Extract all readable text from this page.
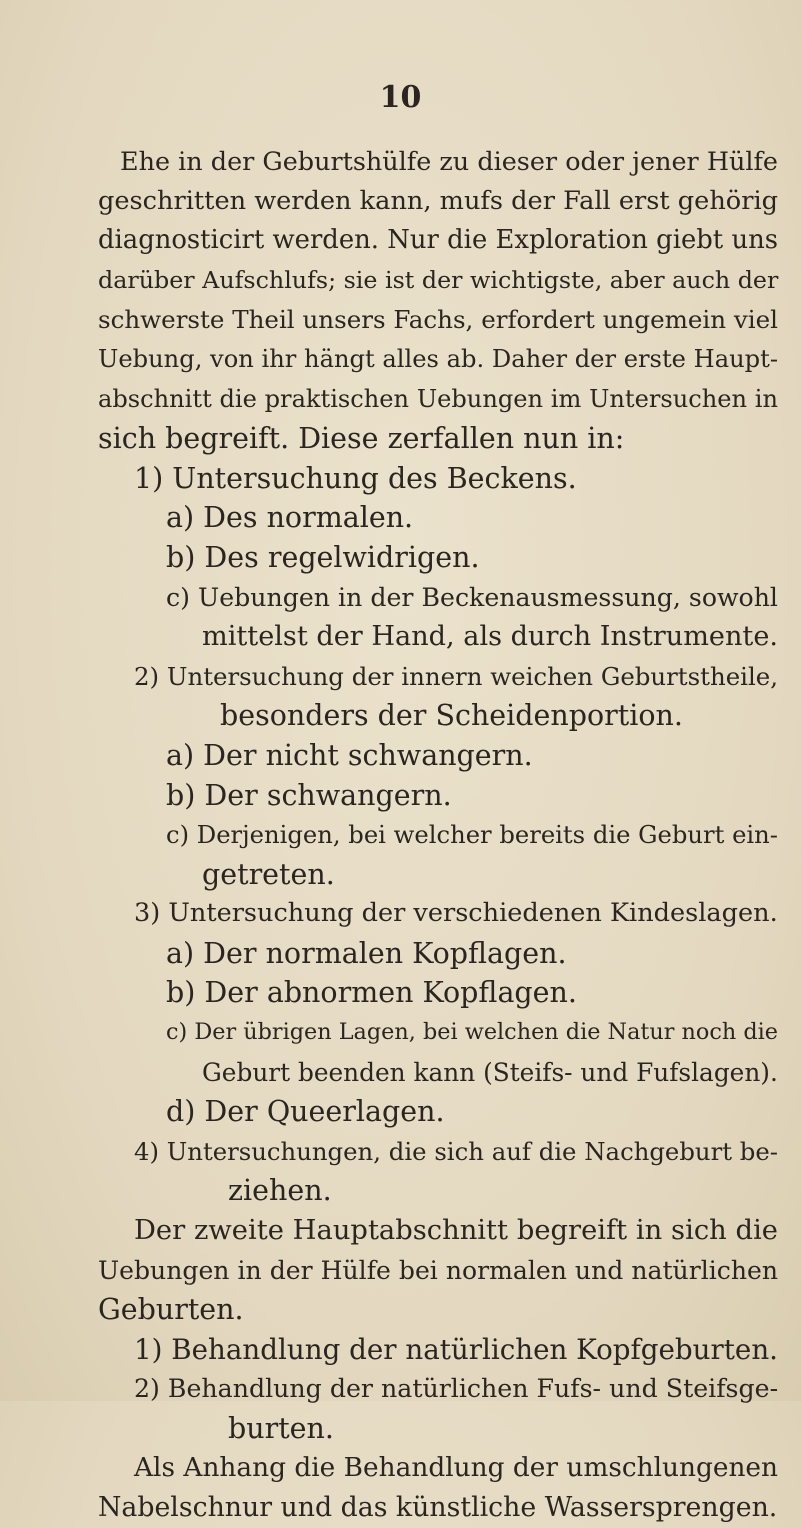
10
Ehe in der Geburtshülfe zu dieser oder jener Hülfe
geschritten werden kann, mufs der Fall erst gehörig
diagnosticirt werden. Nur die Exploration giebt uns
darüber Aufschlufs; sie ist der wichtigste, aber auch der
schwerste Theil unsers Fachs, erfordert ungemein viel
Uebung, von ihr hängt alles ab. Daher der erste Haupt-
abschnitt die praktischen Uebungen im Untersuchen in
sich begreift. Diese zerfallen nun in:
1) Untersuchung des Beckens.
a) Des normalen.
b) Des regelwidrigen.
c) Uebungen in der Beckenausmessung, sowohl
mittelst der Hand, als durch Instrumente.
2) Untersuchung der innern weichen Geburtstheile,
besonders der Scheidenportion.
a) Der nicht schwangern.
b) Der schwangern.
c) Derjenigen, bei welcher bereits die Geburt ein-
getreten.
3) Untersuchung der verschiedenen Kindeslagen.
a) Der normalen Kopflagen.
b) Der abnormen Kopflagen.
c) Der übrigen Lagen, bei welchen die Natur noch die
Geburt beenden kann (Steifs- und Fufslagen).
d) Der Queerlagen.
4) Untersuchungen, die sich auf die Nachgeburt be-
ziehen.
Der zweite Hauptabschnitt begreift in sich die
Uebungen in der Hülfe bei normalen und natürlichen
Geburten.
1) Behandlung der natürlichen Kopfgeburten.
2) Behandlung der natürlichen Fufs- und Steifsge-
burten.
Als Anhang die Behandlung der umschlungenen
Nabelschnur und das künstliche Wassersprengen.
